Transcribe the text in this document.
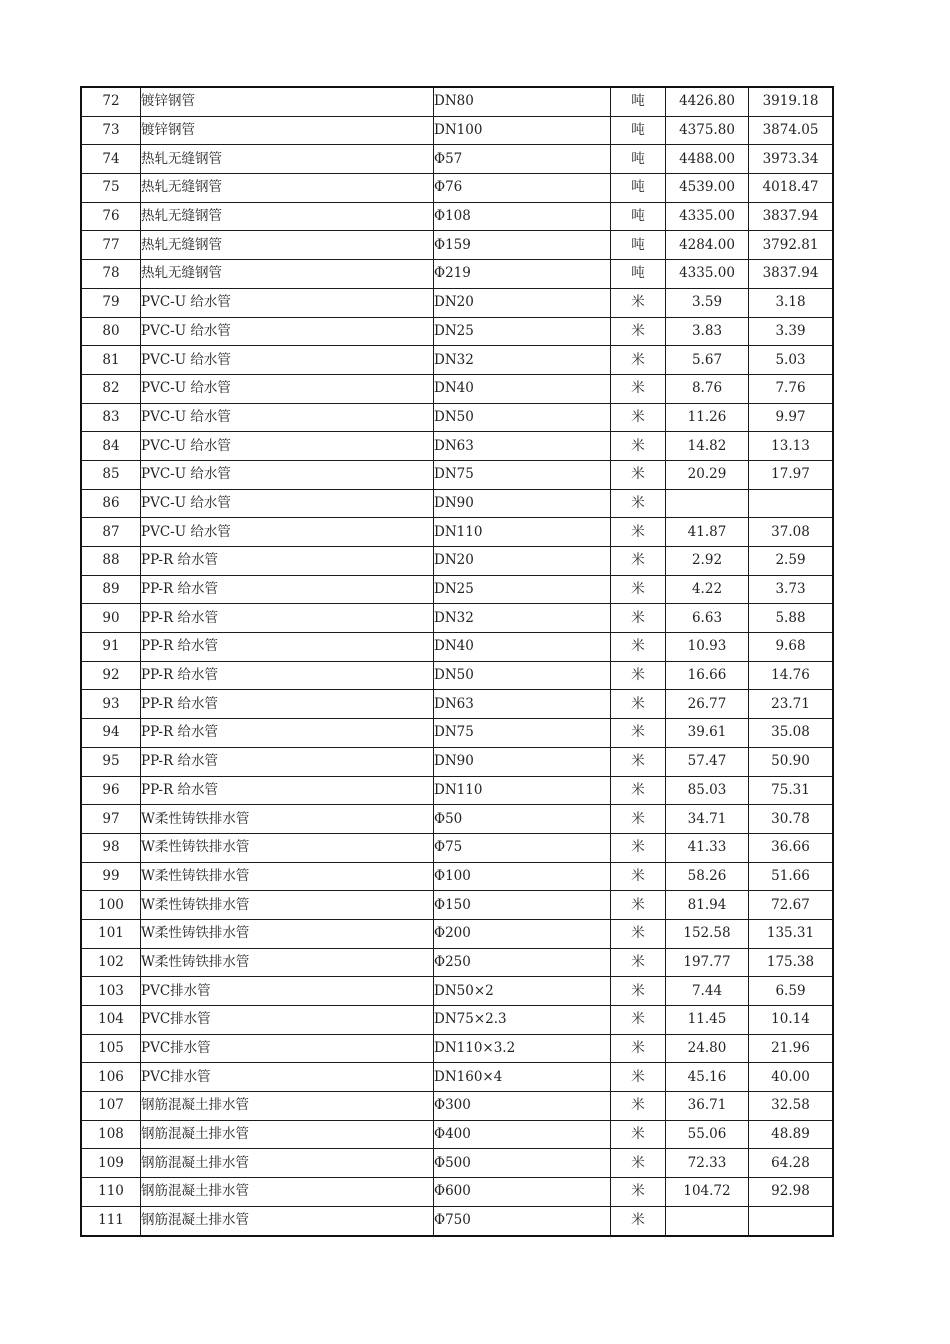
72	镀锌钢管	DN80	吨	4426.80	3919.18
73	镀锌钢管	DN100	吨	4375.80	3874.05
74	热轧无缝钢管	Φ57	吨	4488.00	3973.34
75	热轧无缝钢管	Φ76	吨	4539.00	4018.47
76	热轧无缝钢管	Φ108	吨	4335.00	3837.94
77	热轧无缝钢管	Φ159	吨	4284.00	3792.81
78	热轧无缝钢管	Φ219	吨	4335.00	3837.94
79	PVC-U 给水管	DN20	米	3.59	3.18
80	PVC-U 给水管	DN25	米	3.83	3.39
81	PVC-U 给水管	DN32	米	5.67	5.03
82	PVC-U 给水管	DN40	米	8.76	7.76
83	PVC-U 给水管	DN50	米	11.26	9.97
84	PVC-U 给水管	DN63	米	14.82	13.13
85	PVC-U 给水管	DN75	米	20.29	17.97
86	PVC-U 给水管	DN90	米		
87	PVC-U 给水管	DN110	米	41.87	37.08
88	PP-R 给水管	DN20	米	2.92	2.59
89	PP-R 给水管	DN25	米	4.22	3.73
90	PP-R 给水管	DN32	米	6.63	5.88
91	PP-R 给水管	DN40	米	10.93	9.68
92	PP-R 给水管	DN50	米	16.66	14.76
93	PP-R 给水管	DN63	米	26.77	23.71
94	PP-R 给水管	DN75	米	39.61	35.08
95	PP-R 给水管	DN90	米	57.47	50.90
96	PP-R 给水管	DN110	米	85.03	75.31
97	W柔性铸铁排水管	Φ50	米	34.71	30.78
98	W柔性铸铁排水管	Φ75	米	41.33	36.66
99	W柔性铸铁排水管	Φ100	米	58.26	51.66
100	W柔性铸铁排水管	Φ150	米	81.94	72.67
101	W柔性铸铁排水管	Φ200	米	152.58	135.31
102	W柔性铸铁排水管	Φ250	米	197.77	175.38
103	PVC排水管	DN50×2	米	7.44	6.59
104	PVC排水管	DN75×2.3	米	11.45	10.14
105	PVC排水管	DN110×3.2	米	24.80	21.96
106	PVC排水管	DN160×4	米	45.16	40.00
107	钢筋混凝土排水管	Φ300	米	36.71	32.58
108	钢筋混凝土排水管	Φ400	米	55.06	48.89
109	钢筋混凝土排水管	Φ500	米	72.33	64.28
110	钢筋混凝土排水管	Φ600	米	104.72	92.98
111	钢筋混凝土排水管	Φ750	米		
